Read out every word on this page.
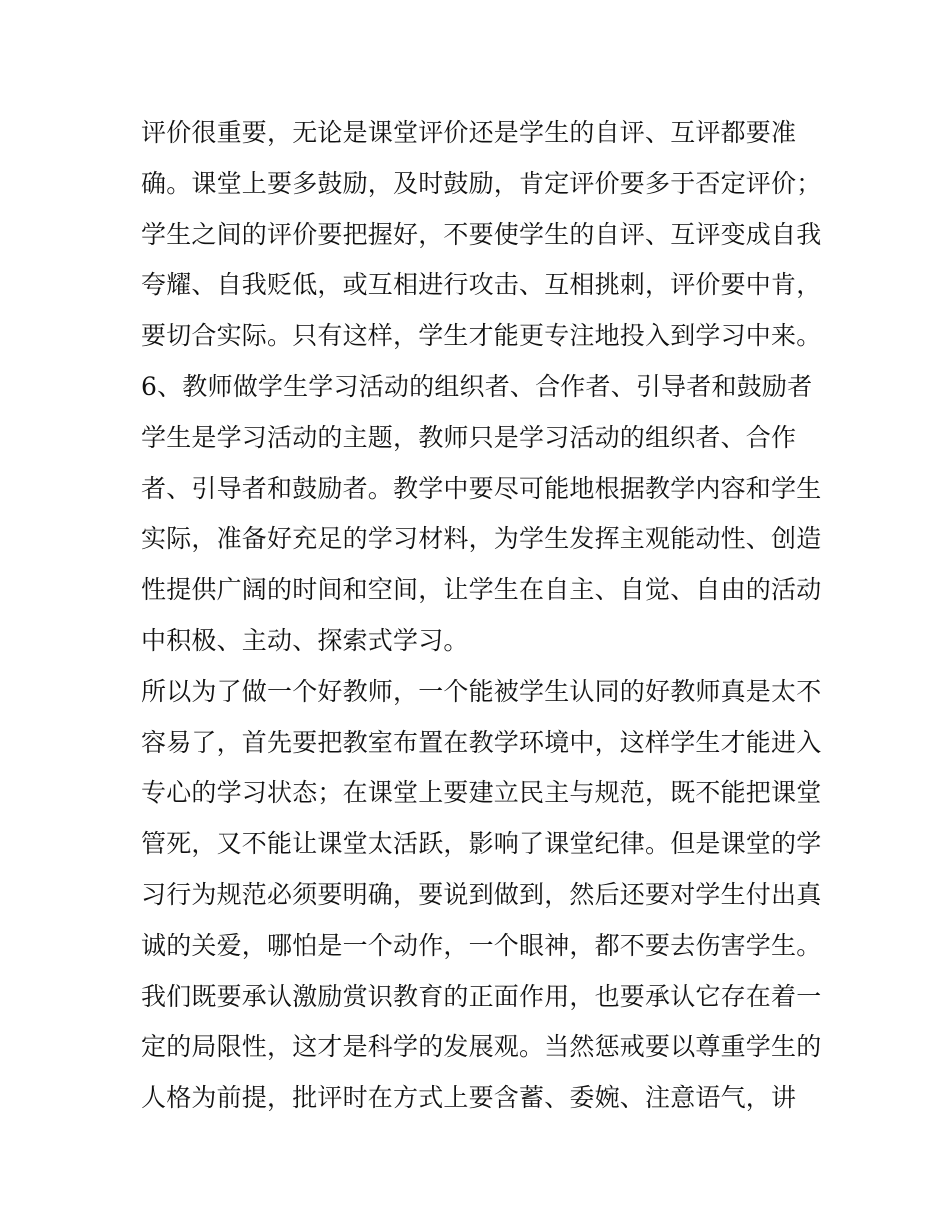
评价很重要，无论是课堂评价还是学生的自评、互评都要准
确。课堂上要多鼓励，及时鼓励，肯定评价要多于否定评价；
学生之间的评价要把握好，不要使学生的自评、互评变成自我
夸耀、自我贬低，或互相进行攻击、互相挑刺，评价要中肯，
要切合实际。只有这样，学生才能更专注地投入到学习中来。
6、教师做学生学习活动的组织者、合作者、引导者和鼓励者
学生是学习活动的主题，教师只是学习活动的组织者、合作
者、引导者和鼓励者。教学中要尽可能地根据教学内容和学生
实际，准备好充足的学习材料，为学生发挥主观能动性、创造
性提供广阔的时间和空间，让学生在自主、自觉、自由的活动
中积极、主动、探索式学习。
所以为了做一个好教师，一个能被学生认同的好教师真是太不
容易了，首先要把教室布置在教学环境中，这样学生才能进入
专心的学习状态；在课堂上要建立民主与规范，既不能把课堂
管死，又不能让课堂太活跃，影响了课堂纪律。但是课堂的学
习行为规范必须要明确，要说到做到，然后还要对学生付出真
诚的关爱，哪怕是一个动作，一个眼神，都不要去伤害学生。
我们既要承认激励赏识教育的正面作用，也要承认它存在着一
定的局限性，这才是科学的发展观。当然惩戒要以尊重学生的
人格为前提，批评时在方式上要含蓄、委婉、注意语气，讲
